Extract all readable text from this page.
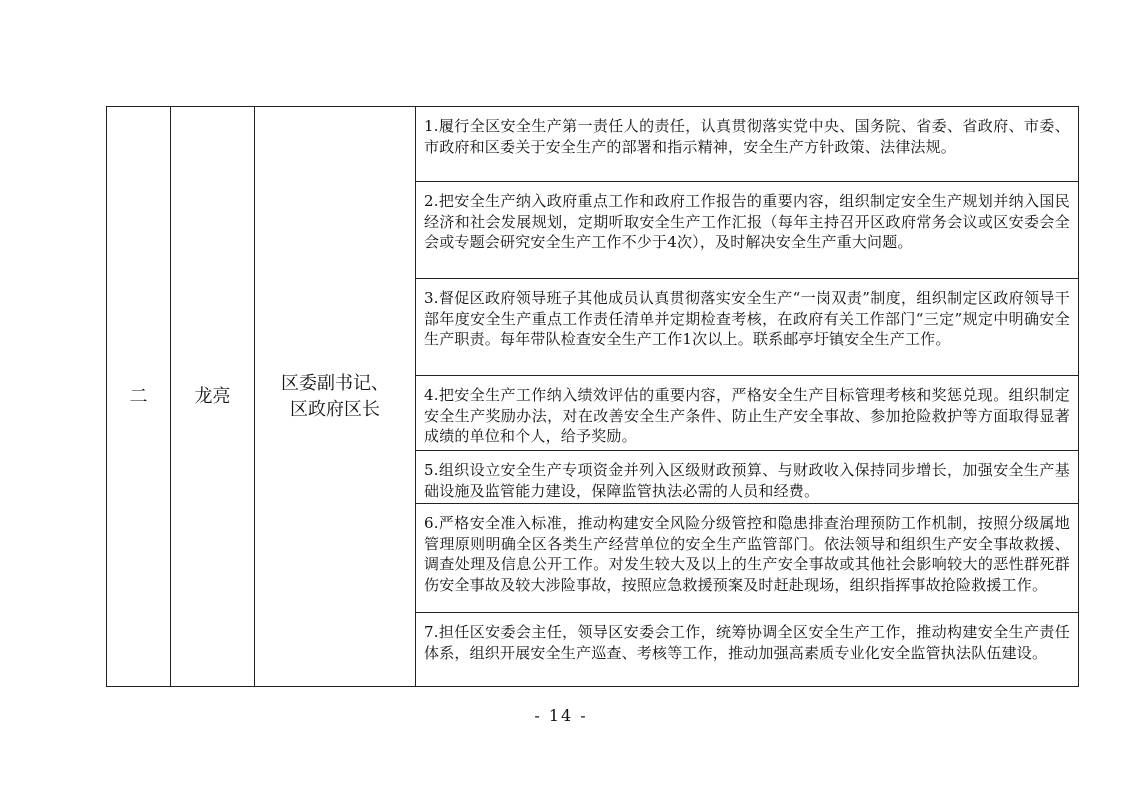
二	龙亮	
区委副书记、
区政府区长
	1.履行全区安全生产第一责任人的责任，认真贯彻落实党中央、国务院、省委、省政府、市委、市政府和区委关于安全生产的部署和指示精神，安全生产方针政策、法律法规。
2.把安全生产纳入政府重点工作和政府工作报告的重要内容，组织制定安全生产规划并纳入国民经济和社会发展规划，定期听取安全生产工作汇报（每年主持召开区政府常务会议或区安委会全会或专题会研究安全生产工作不少于4次），及时解决安全生产重大问题。
3.督促区政府领导班子其他成员认真贯彻落实安全生产“一岗双责”制度，组织制定区政府领导干部年度安全生产重点工作责任清单并定期检查考核，在政府有关工作部门“三定”规定中明确安全生产职责。每年带队检查安全生产工作1次以上。联系邮亭圩镇安全生产工作。
4.把安全生产工作纳入绩效评估的重要内容，严格安全生产目标管理考核和奖惩兑现。组织制定安全生产奖励办法，对在改善安全生产条件、防止生产安全事故、参加抢险救护等方面取得显著成绩的单位和个人，给予奖励。
5.组织设立安全生产专项资金并列入区级财政预算、与财政收入保持同步增长，加强安全生产基础设施及监管能力建设，保障监管执法必需的人员和经费。
6.严格安全准入标准，推动构建安全风险分级管控和隐患排查治理预防工作机制，按照分级属地管理原则明确全区各类生产经营单位的安全生产监管部门。依法领导和组织生产安全事故救援、调查处理及信息公开工作。对发生较大及以上的生产安全事故或其他社会影响较大的恶性群死群伤安全事故及较大涉险事故，按照应急救援预案及时赶赴现场，组织指挥事故抢险救援工作。
7.担任区安委会主任，领导区安委会工作，统筹协调全区安全生产工作，推动构建安全生产责任体系，组织开展安全生产巡查、考核等工作，推动加强高素质专业化安全监管执法队伍建设。
- 14 -
